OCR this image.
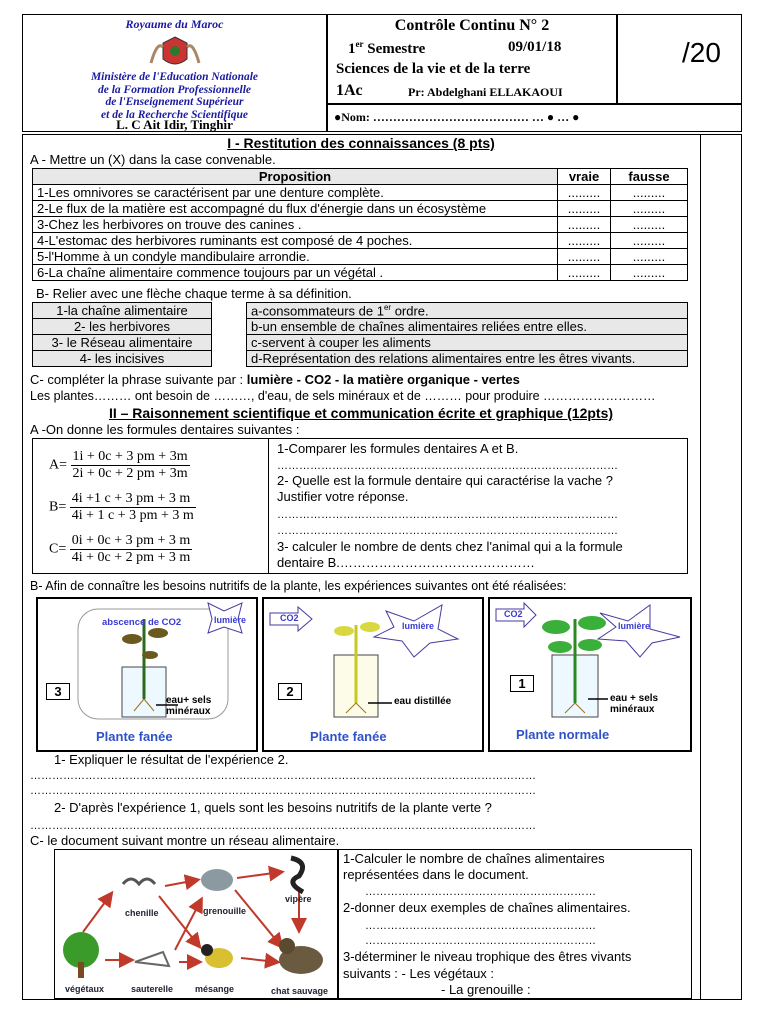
Royaume du Maroc
Ministère de l'Education Nationale
de la Formation Professionnelle
de l'Enseignement Supérieur
et de la Recherche Scientifique
L. C Ait Idir, Tinghir
Contrôle Continu N° 2
1er Semestre	09/01/18
Sciences de la vie et de la terre
1Ac	Pr: Abdelghani ELLAKAOUI
/20
●Nom: ………………………………… … ● … ●
I - Restitution des connaissances (8 pts)
A - Mettre un (X) dans la case convenable.
Proposition	vraie	fausse
1-Les omnivores se caractérisent par une denture complète.	.........	.........
2-Le flux de la matière est accompagné du flux d'énergie dans un écosystème	.........	.........
3-Chez les herbivores on trouve des canines .	.........	.........
4-L'estomac des herbivores ruminants est composé de 4 poches.	.........	.........
5-l'Homme à un condyle mandibulaire arrondie.	.........	.........
6-La chaîne alimentaire commence toujours par un végétal .	.........	.........
B- Relier avec une flèche chaque terme à sa définition.
1-la chaîne alimentaire
2- les herbivores
3- le Réseau alimentaire
4- les incisives
a-consommateurs de 1er ordre.
b-un ensemble de chaînes alimentaires reliées entre elles.
c-servent à couper les aliments
d-Représentation des relations alimentaires entre les êtres vivants.
C- compléter la phrase suivante par : lumière - CO2 - la matière organique - vertes
Les plantes……… ont besoin de ………, d'eau, de sels minéraux et de ……… pour produire ………………………
II – Raisonnement scientifique et communication écrite et graphique (12pts)
A -On donne les formules dentaires suivantes :
$A= \frac{1i + 0c + 3 pm + 3m}{2i + 0c + 2 pm + 3m}$
$B= \frac{4i +1 c + 3 pm + 3 m}{4i + 1 c + 3 pm + 3 m}$
$C= \frac{0i + 0c + 3 pm + 3 m}{4i + 0c + 2 pm + 3 m}$
1-Comparer les formules dentaires A et B.
…………………………………………………………………………………
2- Quelle est la formule dentaire qui caractérise la vache ?
Justifier votre réponse.
…………………………………………………………………………………
…………………………………………………………………………………
3- calculer le nombre de dents chez l'animal qui a la formule
dentaire B.………………………………………
B- Afin de connaître les besoins nutritifs de la plante, les expériences suivantes ont été réalisées:
abscence de CO2	lumière
3
eau+ sels minéraux
Plante fanée
CO2
lumière
2
eau distillée
Plante fanée
CO2
lumière
1
eau + sels minéraux
Plante normale
1- Expliquer le résultat de l'expérience 2.
…………………………………………………………………………………………………………………………
…………………………………………………………………………………………………………………………
2- D'après l'expérience 1, quels sont les besoins nutritifs de la plante verte ?
…………………………………………………………………………………………………………………………
C- le document suivant montre un réseau alimentaire.
chenille	grenouille
vipère
végétaux	sauterelle mésange	chat sauvage
1-Calculer le nombre de chaînes alimentaires
représentées dans le document.
………………………………………………………
2-donner deux exemples de chaînes alimentaires.
………………………………………………………
………………………………………………………
3-déterminer le niveau trophique des êtres vivants
suivants : - Les végétaux :
- La grenouille :
